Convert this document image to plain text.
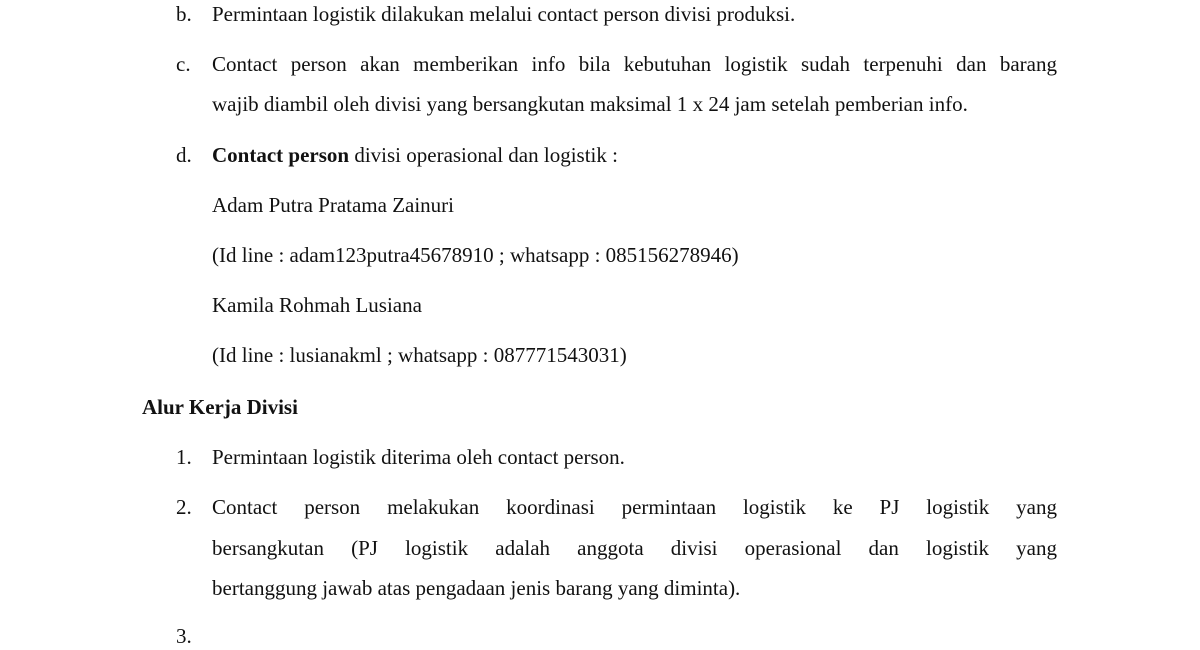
b. Permintaan logistik dilakukan melalui contact person divisi produksi.
c. Contact person akan memberikan info bila kebutuhan logistik sudah terpenuhi dan barang
wajib diambil oleh divisi yang bersangkutan maksimal 1 x 24 jam setelah pemberian info.
d. Contact person divisi operasional dan logistik :
Adam Putra Pratama Zainuri
(Id line : adam123putra45678910 ; whatsapp : 085156278946)
Kamila Rohmah Lusiana
(Id line : lusianakml ; whatsapp : 087771543031)
Alur Kerja Divisi
1. Permintaan logistik diterima oleh contact person.
2. Contact person melakukan koordinasi permintaan logistik ke PJ logistik yang
bersangkutan (PJ logistik adalah anggota divisi operasional dan logistik yang
bertanggung jawab atas pengadaan jenis barang yang diminta).
3.
